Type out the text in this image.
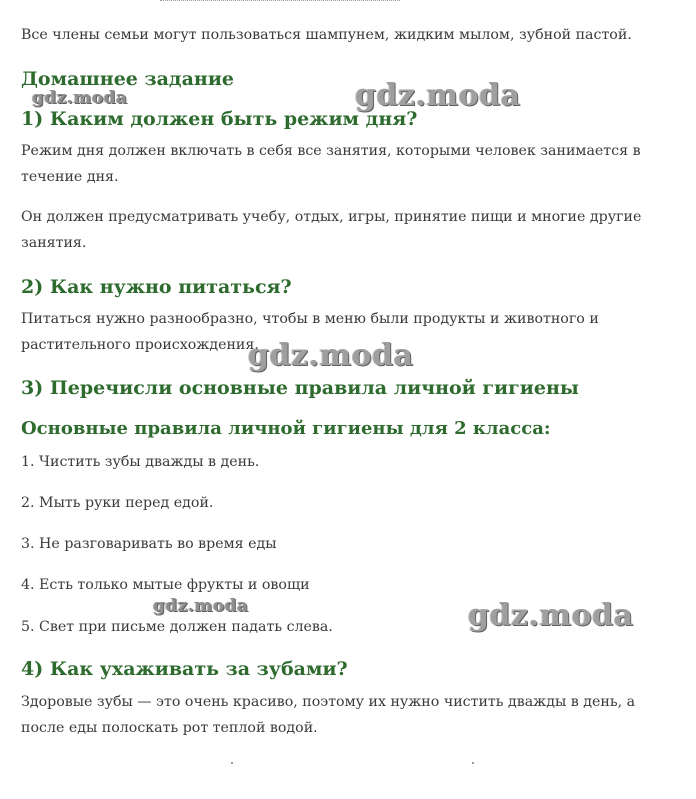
Все члены семьи могут пользоваться шампунем, жидким мылом, зубной пастой.

Домашнее задание
gdz.moda	gdz.moda
1) Каким должен быть режим дня?

Режим дня должен включать в себя все занятия, которыми человек занимается в течение дня.

Он должен предусматривать учебу, отдых, игры, принятие пищи и многие другие занятия.

2) Как нужно питаться?

Питаться нужно разнообразно, чтобы в меню были продукты и животного и растительного происхождения.

gdz.moda
3) Перечисли основные правила личной гигиены
Основные правила личной гигиены для 2 класса:

1. Чистить зубы дважды в день.

2. Мыть руки перед едой.

3. Не разговаривать во время еды

4. Есть только мытые фрукты и овощи

gdz.moda	gdz.moda

5. Свет при письме должен падать слева.

4) Как ухаживать за зубами?

Здоровые зубы — это очень красиво, поэтому их нужно чистить дважды в день, а после еды полоскать рот теплой водой.
